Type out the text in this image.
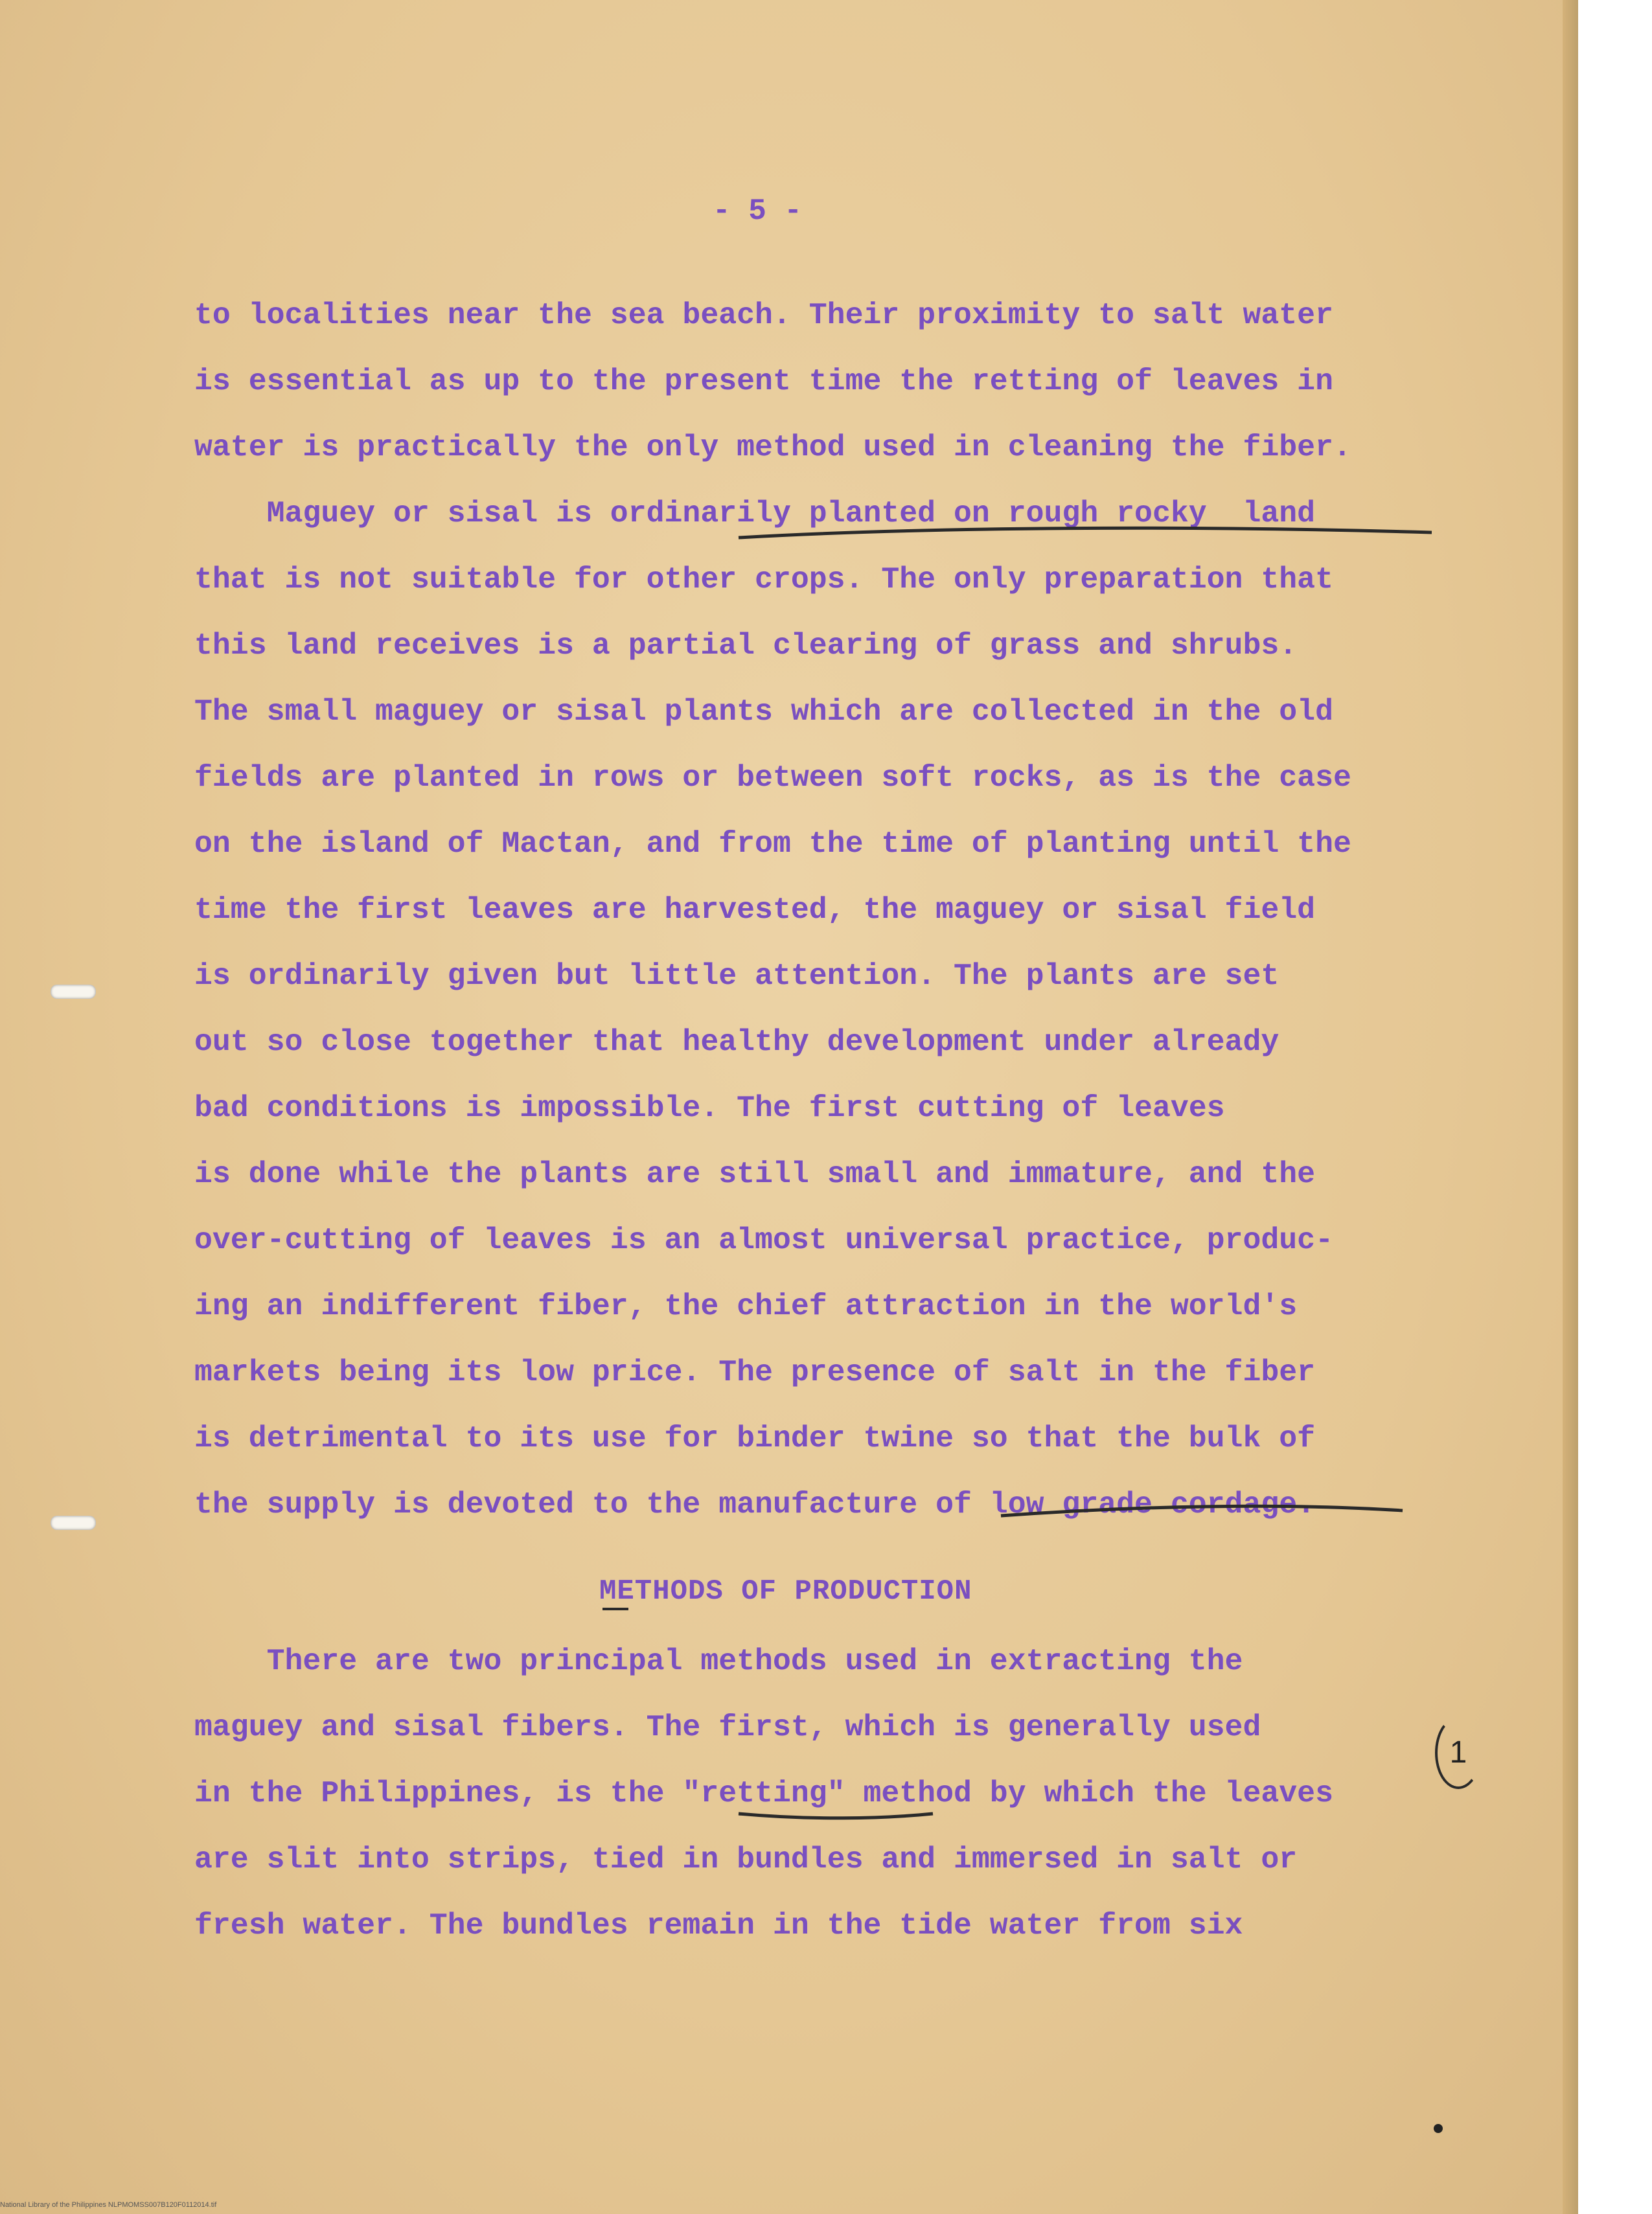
- 5 -
to localities near the sea beach. Their proximity to salt water
is essential as up to the present time the retting of leaves in
water is practically the only method used in cleaning the fiber.
Maguey or sisal is ordinarily planted on rough rocky  land
that is not suitable for other crops. The only preparation that
this land receives is a partial clearing of grass and shrubs.
The small maguey or sisal plants which are collected in the old
fields are planted in rows or between soft rocks, as is the case
on the island of Mactan, and from the time of planting until the
time the first leaves are harvested, the maguey or sisal field
is ordinarily given but little attention. The plants are set
out so close together that healthy development under already
bad conditions is impossible. The first cutting of leaves
is done while the plants are still small and immature, and the
over-cutting of leaves is an almost universal practice, produc-
ing an indifferent fiber, the chief attraction in the world's
markets being its low price. The presence of salt in the fiber
is detrimental to its use for binder twine so that the bulk of
the supply is devoted to the manufacture of low grade cordage.
METHODS OF PRODUCTION
There are two principal methods used in extracting the
maguey and sisal fibers. The first, which is generally used
in the Philippines, is the "retting" method by which the leaves
are slit into strips, tied in bundles and immersed in salt or
fresh water. The bundles remain in the tide water from six
1
National Library of the Philippines NLPMOMSS007B120F0112014.tif
